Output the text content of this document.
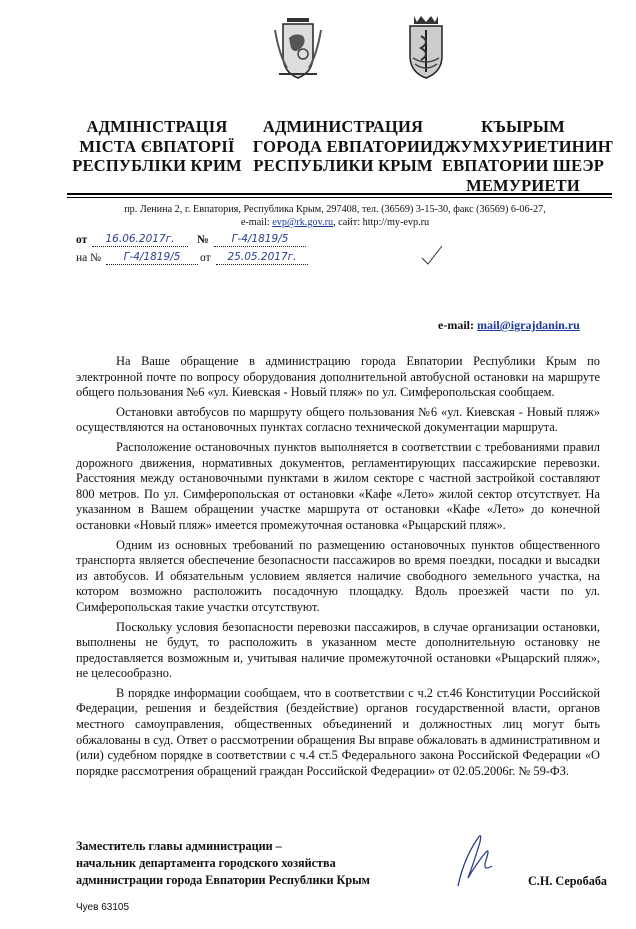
АДМІНІСТРАЦІЯ
МІСТА ЄВПАТОРІЇ
РЕСПУБЛІКИ КРИМ
АДМИНИСТРАЦИЯ
ГОРОДА ЕВПАТОРИИ
РЕСПУБЛИКИ КРЫМ
КЪЫРЫМ
ДЖУМХУРИЕТИНИҤ
ЕВПАТОРИИ ШЕЭР
МЕМУРИЕТИ
пр. Ленина 2, г. Евпатория, Республика Крым, 297408, тел. (36569) 3-15-30, факс (36569) 6-06-27,
e-mail: evp@rk.gov.ru, сайт: http://my-evp.ru
от	16.06.2017г.	№	Г-4/1819/5
на №	Г-4/1819/5	от	25.05.2017г.
e-mail: mail@igrajdanin.ru

На Ваше обращение в администрацию города Евпатории Республики Крым по электронной почте по вопросу оборудования дополнительной автобусной остановки на маршруте общего пользования №6 «ул. Киевская - Новый пляж» по ул. Симферопольская сообщаем.

Остановки автобусов по маршруту общего пользования №6 «ул. Киевская - Новый пляж» осуществляются на остановочных пунктах согласно технической документации маршрута.

Расположение остановочных пунктов выполняется в соответствии с требованиями правил дорожного движения, нормативных документов, регламентирующих пассажирские перевозки. Расстояния между остановочными пунктами в жилом секторе с частной застройкой составляют 800 метров. По ул. Симферопольская от остановки «Кафе «Лето» жилой сектор отсутствует. На указанном в Вашем обращении участке маршрута от остановки «Кафе «Лето» до конечной остановки «Новый пляж» имеется промежуточная остановка «Рыцарский пляж».

Одним из основных требований по размещению остановочных пунктов общественного транспорта является обеспечение безопасности пассажиров во время поездки, посадки и высадки из автобусов. И обязательным условием является наличие свободного земельного участка, на котором возможно расположить посадочную площадку. Вдоль проезжей части по ул. Симферопольская такие участки отсутствуют.

Поскольку условия безопасности перевозки пассажиров, в случае организации остановки, выполнены не будут, то расположить в указанном месте дополнительную остановку не предоставляется возможным и, учитывая наличие промежуточной остановки «Рыцарский пляж», не целесообразно.

В порядке информации сообщаем, что в соответствии с ч.2 ст.46 Конституции Российской Федерации, решения и бездействия (бездействие) органов государственной власти, органов местного самоуправления, общественных объединений и должностных лиц могут быть обжалованы в суд. Ответ о рассмотрении обращения Вы вправе обжаловать в административном и (или) судебном порядке в соответствии с ч.4 ст.5 Федерального закона Российской Федерации «О порядке рассмотрения обращений граждан Российской Федерации» от 02.05.2006г. № 59-ФЗ.

Заместитель главы администрации –
начальник департамента городского хозяйства
администрации города Евпатории Республики Крым	С.Н. Серобаба
Чуев 63105
